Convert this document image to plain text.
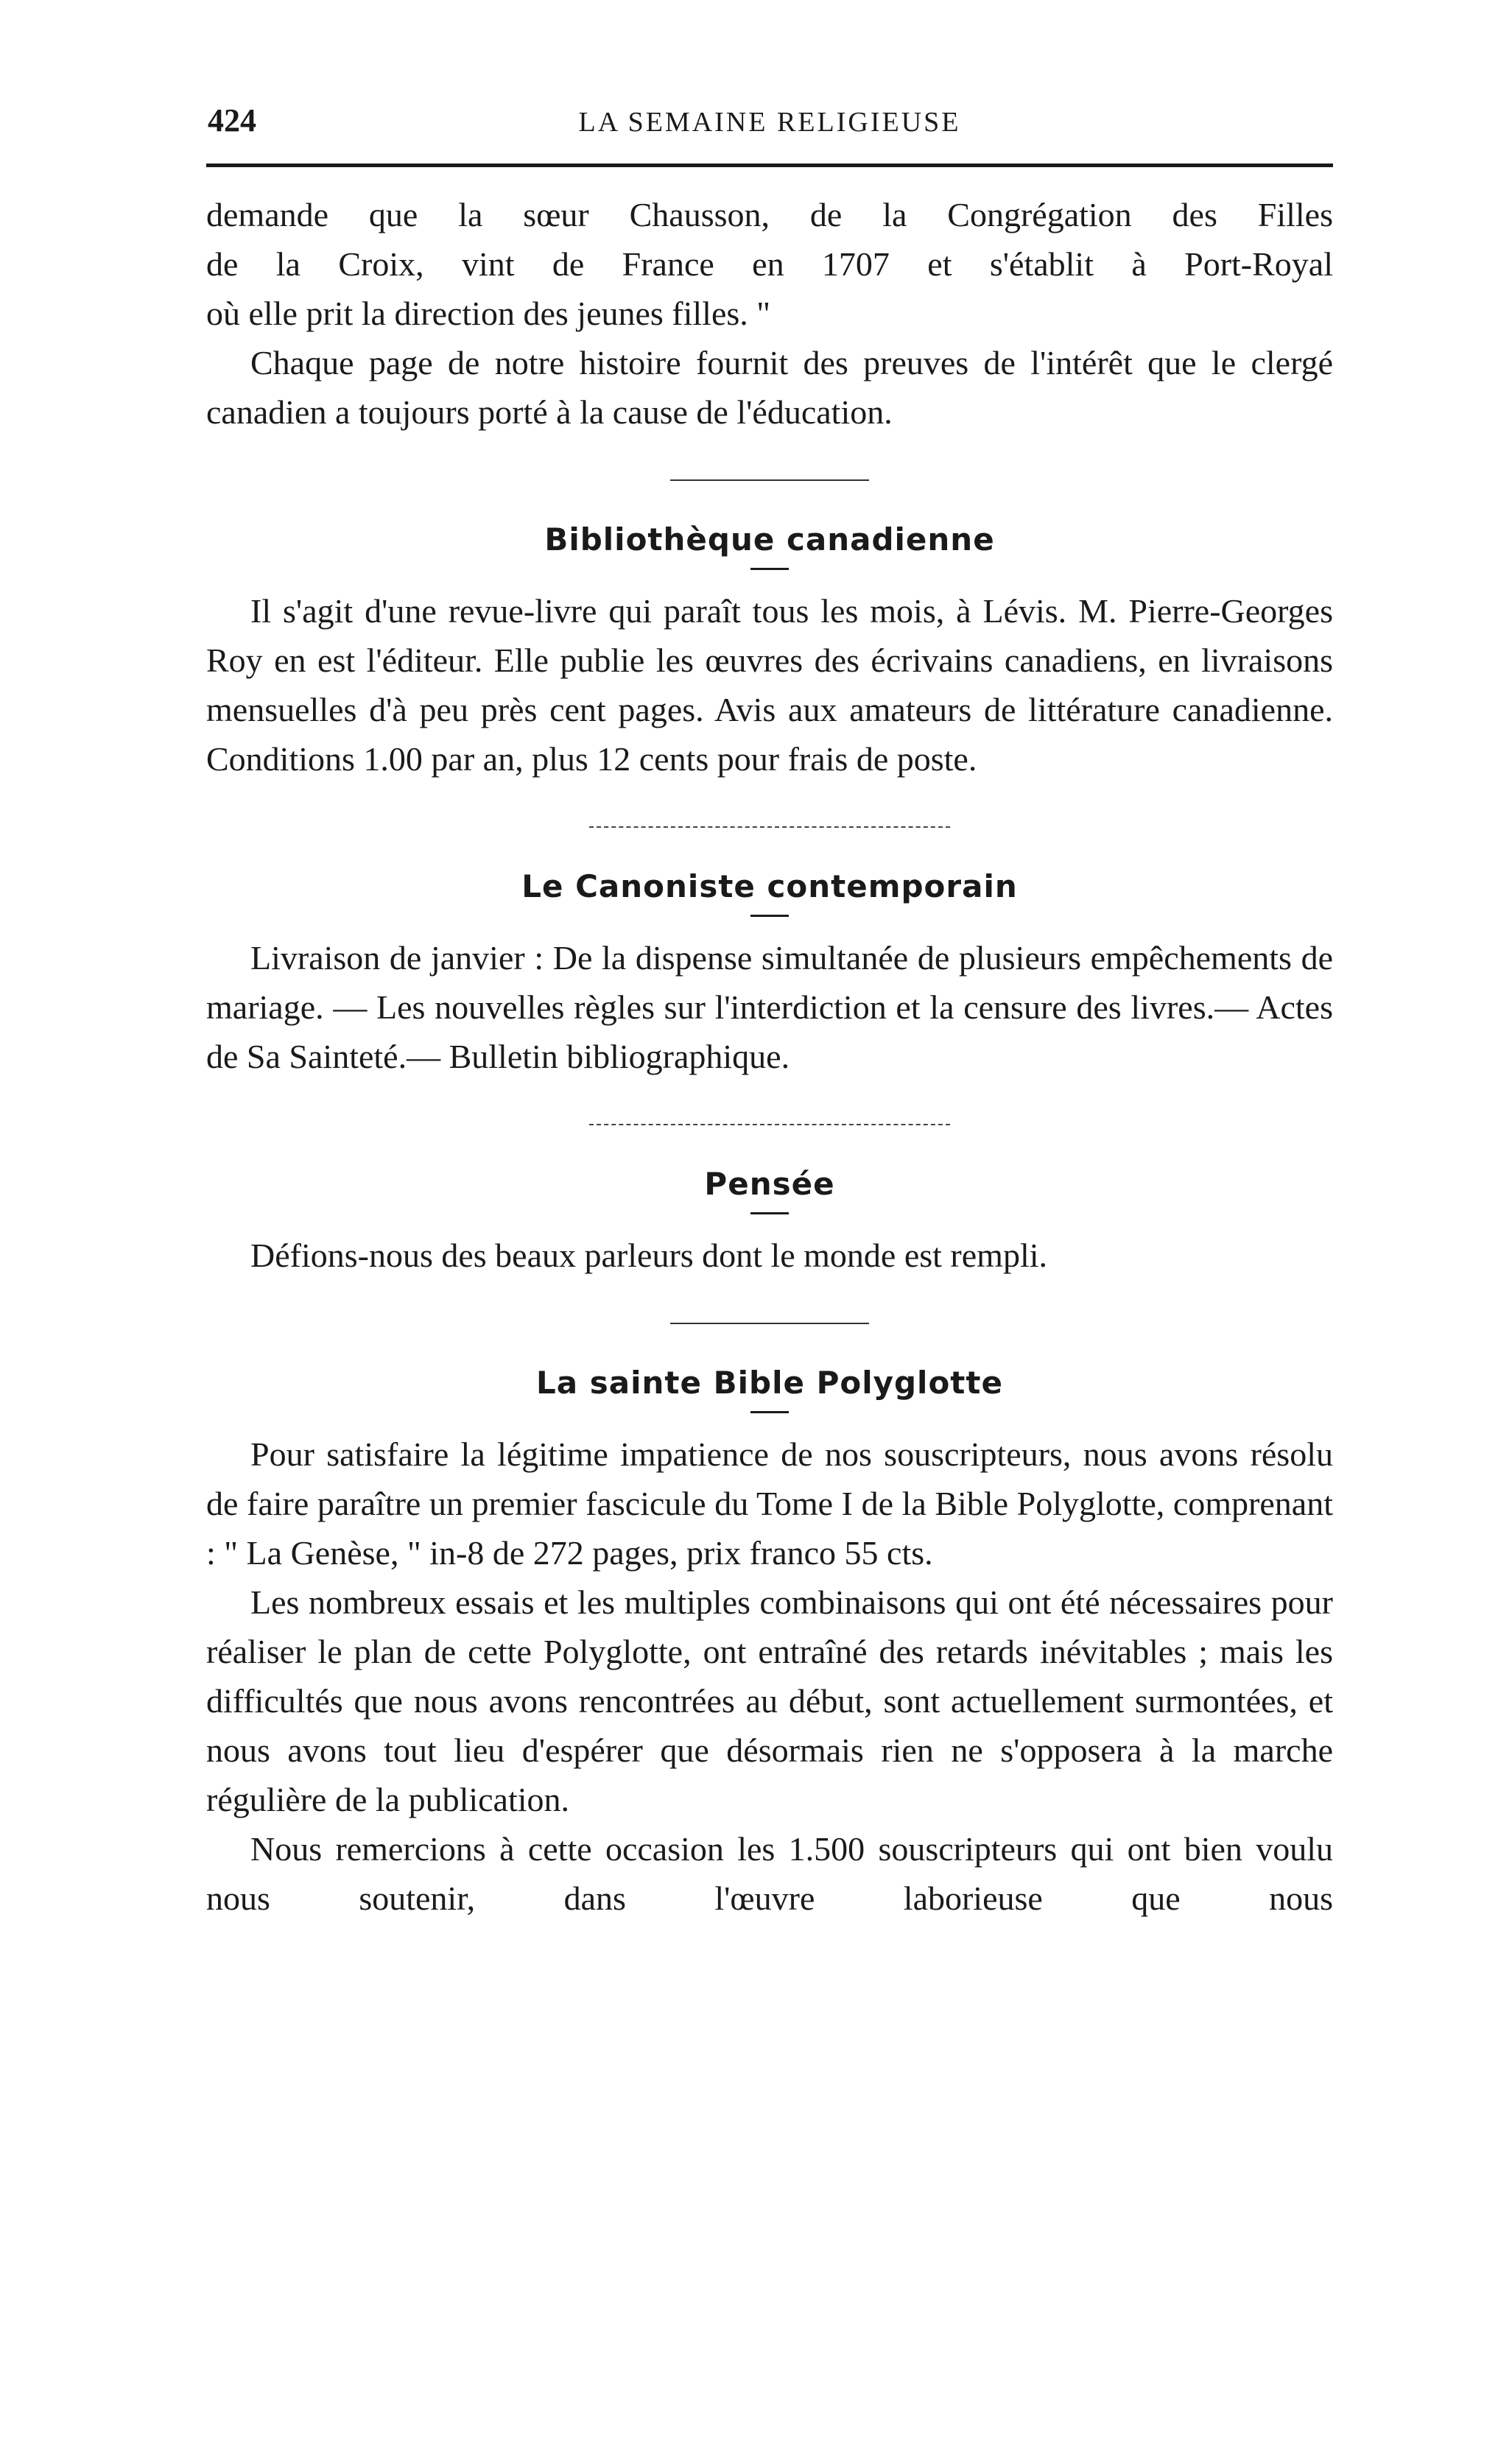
424	LA SEMAINE RELIGIEUSE

demande que la sœur Chausson, de la Congrégation des Filles

de la Croix, vint de France en 1707 et s'établit à Port-Royal

où elle prit la direction des jeunes filles. "

Chaque page de notre histoire fournit des preuves de l'intérêt que le clergé canadien a toujours porté à la cause de l'éducation.

Bibliothèque canadienne

Il s'agit d'une revue-livre qui paraît tous les mois, à Lévis. M. Pierre-Georges Roy en est l'éditeur. Elle publie les œuvres des écrivains canadiens, en livraisons mensuelles d'à peu près cent pages. Avis aux amateurs de littérature canadienne. Conditions 1.00 par an, plus 12 cents pour frais de poste.

Le Canoniste contemporain

Livraison de janvier : De la dispense simultanée de plusieurs empêchements de mariage. — Les nouvelles règles sur l'interdiction et la censure des livres.— Actes de Sa Sainteté.— Bulletin bibliographique.

Pensée

Défions-nous des beaux parleurs dont le monde est rempli.

La sainte Bible Polyglotte

Pour satisfaire la légitime impatience de nos souscripteurs, nous avons résolu de faire paraître un premier fascicule du Tome I de la Bible Polyglotte, comprenant : " La Genèse, " in-8 de 272 pages, prix franco 55 cts.

Les nombreux essais et les multiples combinaisons qui ont été nécessaires pour réaliser le plan de cette Polyglotte, ont entraîné des retards inévitables ; mais les difficultés que nous avons rencontrées au début, sont actuellement surmontées, et nous avons tout lieu d'espérer que désormais rien ne s'opposera à la marche régulière de la publication.

Nous remercions à cette occasion les 1.500 souscripteurs qui ont bien voulu nous soutenir, dans l'œuvre laborieuse que nous
